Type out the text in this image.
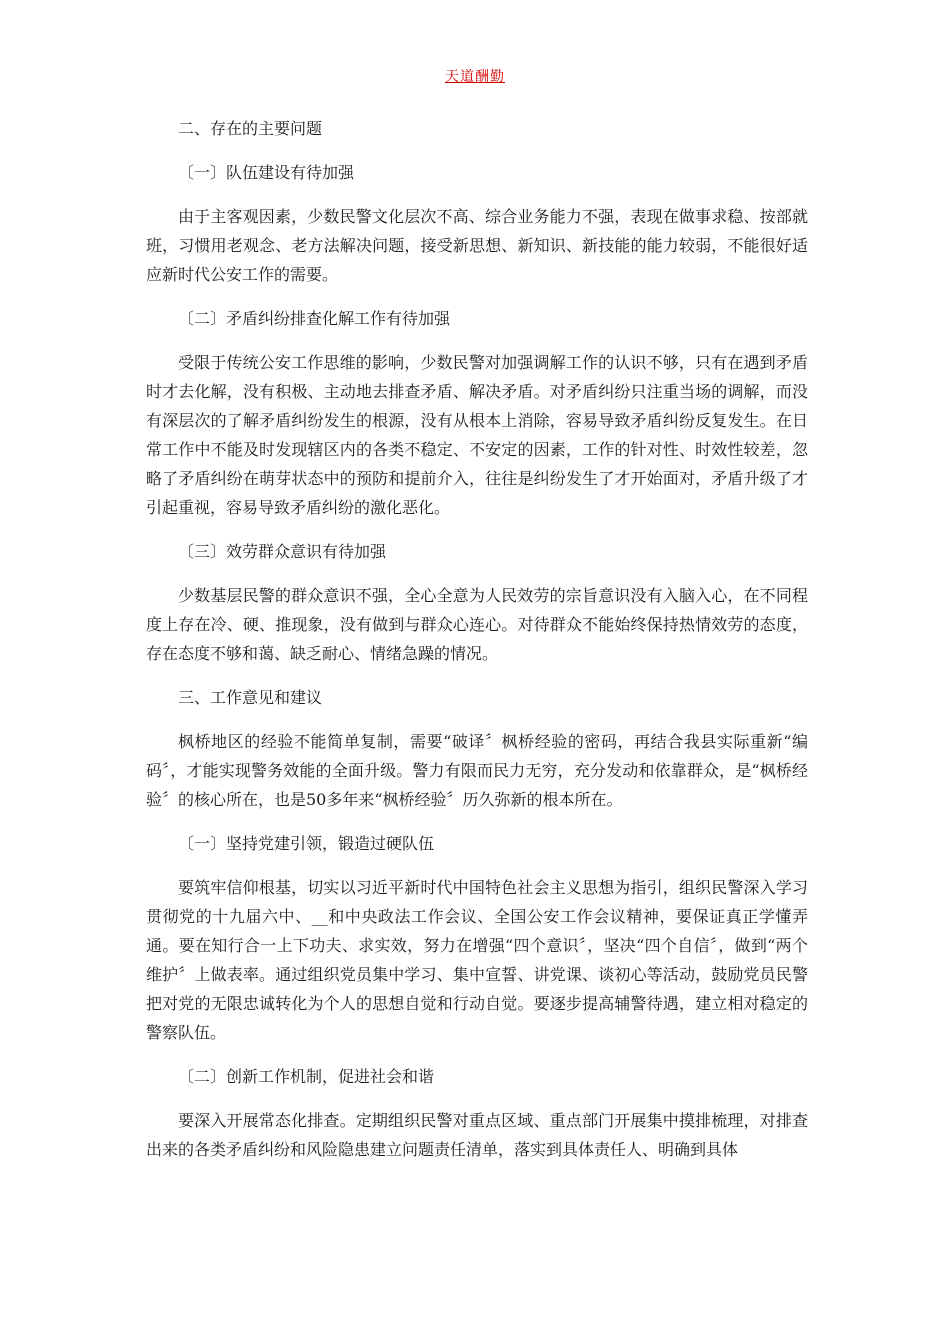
天道酬勤
二、存在的主要问题
〔一〕队伍建设有待加强

由于主客观因素，少数民警文化层次不高、综合业务能力不强，表现在做事求稳、按部就班，习惯用老观念、老方法解决问题，接受新思想、新知识、新技能的能力较弱，不能很好适应新时代公安工作的需要。

〔二〕矛盾纠纷排查化解工作有待加强

受限于传统公安工作思维的影响，少数民警对加强调解工作的认识不够，只有在遇到矛盾时才去化解，没有积极、主动地去排查矛盾、解决矛盾。对矛盾纠纷只注重当场的调解，而没有深层次的了解矛盾纠纷发生的根源，没有从根本上消除，容易导致矛盾纠纷反复发生。在日常工作中不能及时发现辖区内的各类不稳定、不安定的因素，工作的针对性、时效性较差，忽略了矛盾纠纷在萌芽状态中的预防和提前介入，往往是纠纷发生了才开始面对，矛盾升级了才引起重视，容易导致矛盾纠纷的激化恶化。

〔三〕效劳群众意识有待加强

少数基层民警的群众意识不强，全心全意为人民效劳的宗旨意识没有入脑入心，在不同程度上存在冷、硬、推现象，没有做到与群众心连心。对待群众不能始终保持热情效劳的态度，存在态度不够和蔼、缺乏耐心、情绪急躁的情况。

三、工作意见和建议

枫桥地区的经验不能简单复制，需要“破译〞枫桥经验的密码，再结合我县实际重新“编码〞，才能实现警务效能的全面升级。警力有限而民力无穷，充分发动和依靠群众，是“枫桥经验〞的核心所在，也是50多年来“枫桥经验〞历久弥新的根本所在。

〔一〕坚持党建引领，锻造过硬队伍

要筑牢信仰根基，切实以习近平新时代中国特色社会主义思想为指引，组织民警深入学习贯彻党的十九届六中、__和中央政法工作会议、全国公安工作会议精神，要保证真正学懂弄通。要在知行合一上下功夫、求实效，努力在增强“四个意识〞，坚决“四个自信〞，做到“两个维护〞上做表率。通过组织党员集中学习、集中宣誓、讲党课、谈初心等活动，鼓励党员民警把对党的无限忠诚转化为个人的思想自觉和行动自觉。要逐步提高辅警待遇，建立相对稳定的警察队伍。

〔二〕创新工作机制，促进社会和谐

要深入开展常态化排查。定期组织民警对重点区域、重点部门开展集中摸排梳理，对排查出来的各类矛盾纠纷和风险隐患建立问题责任清单，落实到具体责任人、明确到具体
